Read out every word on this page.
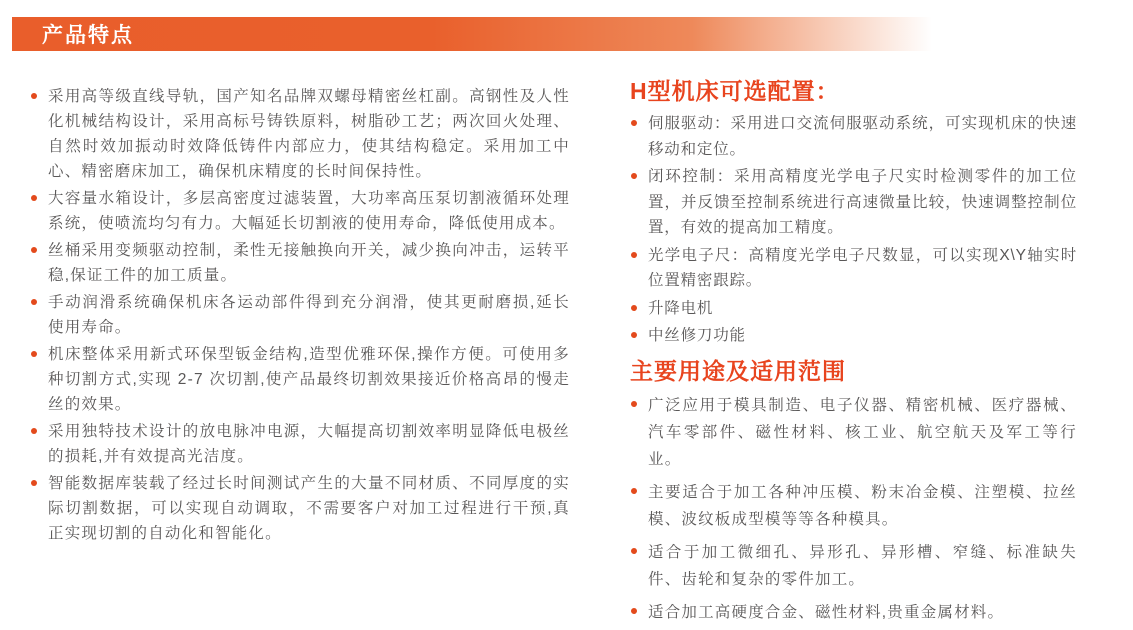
产品特点
采用高等级直线导轨，国产知名品牌双螺母精密丝杠副。高钢性及人性化机械结构设计，采用高标号铸铁原料，树脂砂工艺；两次回火处理、自然时效加振动时效降低铸件内部应力，使其结构稳定。采用加工中心、精密磨床加工，确保机床精度的长时间保持性。
大容量水箱设计，多层高密度过滤装置，大功率高压泵切割液循环处理系统，使喷流均匀有力。大幅延长切割液的使用寿命，降低使用成本。
丝桶采用变频驱动控制，柔性无接触换向开关，减少换向冲击，运转平稳,保证工件的加工质量。
手动润滑系统确保机床各运动部件得到充分润滑，使其更耐磨损,延长使用寿命。
机床整体采用新式环保型钣金结构,造型优雅环保,操作方便。可使用多种切割方式,实现 2-7 次切割,使产品最终切割效果接近价格高昂的慢走丝的效果。
采用独特技术设计的放电脉冲电源，大幅提高切割效率明显降低电极丝的损耗,并有效提高光洁度。
智能数据库装载了经过长时间测试产生的大量不同材质、不同厚度的实际切割数据，可以实现自动调取，不需要客户对加工过程进行干预,真正实现切割的自动化和智能化。
H型机床可选配置：
伺服驱动：采用进口交流伺服驱动系统，可实现机床的快速移动和定位。
闭环控制：采用高精度光学电子尺实时检测零件的加工位置，并反馈至控制系统进行高速微量比较，快速调整控制位置，有效的提高加工精度。
光学电子尺：高精度光学电子尺数显，可以实现X\Y轴实时位置精密跟踪。
升降电机
中丝修刀功能
主要用途及适用范围
广泛应用于模具制造、电子仪器、精密机械、医疗器械、汽车零部件、磁性材料、核工业、航空航天及军工等行业。
主要适合于加工各种冲压模、粉末冶金模、注塑模、拉丝模、波纹板成型模等等各种模具。
适合于加工微细孔、异形孔、异形槽、窄缝、标准缺失件、齿轮和复杂的零件加工。
适合加工高硬度合金、磁性材料,贵重金属材料。
